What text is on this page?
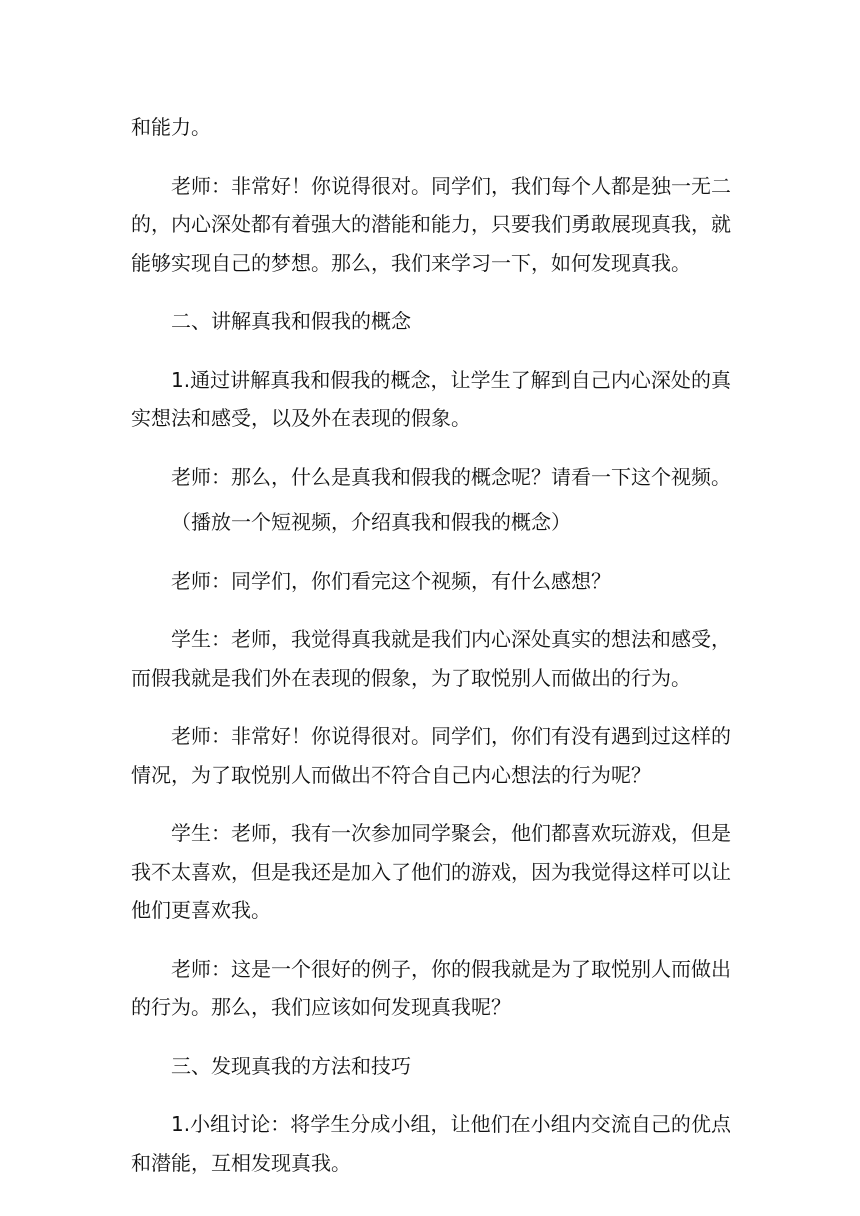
和能力。

老师：非常好！你说得很对。同学们，我们每个人都是独一无二的，内心深处都有着强大的潜能和能力，只要我们勇敢展现真我，就能够实现自己的梦想。那么，我们来学习一下，如何发现真我。

二、讲解真我和假我的概念

1.通过讲解真我和假我的概念，让学生了解到自己内心深处的真实想法和感受，以及外在表现的假象。

老师：那么，什么是真我和假我的概念呢？请看一下这个视频。

（播放一个短视频，介绍真我和假我的概念）

老师：同学们，你们看完这个视频，有什么感想？

学生：老师，我觉得真我就是我们内心深处真实的想法和感受，而假我就是我们外在表现的假象，为了取悦别人而做出的行为。

老师：非常好！你说得很对。同学们，你们有没有遇到过这样的情况，为了取悦别人而做出不符合自己内心想法的行为呢？

学生：老师，我有一次参加同学聚会，他们都喜欢玩游戏，但是我不太喜欢，但是我还是加入了他们的游戏，因为我觉得这样可以让他们更喜欢我。

老师：这是一个很好的例子，你的假我就是为了取悦别人而做出的行为。那么，我们应该如何发现真我呢？

三、发现真我的方法和技巧

1.小组讨论：将学生分成小组，让他们在小组内交流自己的优点和潜能，互相发现真我。
